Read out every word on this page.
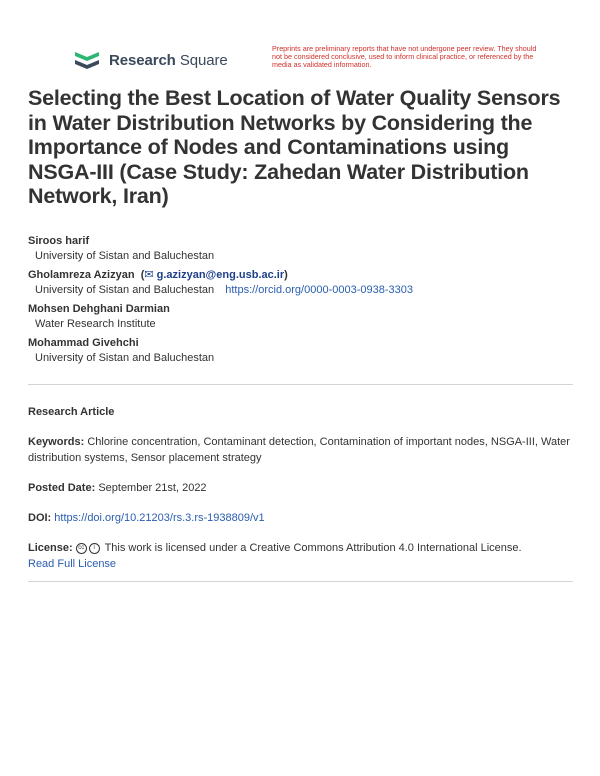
Research Square
Preprints are preliminary reports that have not undergone peer review. They should not be considered conclusive, used to inform clinical practice, or referenced by the media as validated information.
Selecting the Best Location of Water Quality Sensors in Water Distribution Networks by Considering the Importance of Nodes and Contaminations using NSGA-III (Case Study: Zahedan Water Distribution Network, Iran)
Siroos harif
University of Sistan and Baluchestan
Gholamreza Azizyan  (✉ g.azizyan@eng.usb.ac.ir)
University of Sistan and Baluchestan https://orcid.org/0000-0003-0938-3303
Mohsen Dehghani Darmian
Water Research Institute
Mohammad Givehchi
University of Sistan and Baluchestan
Research Article
Keywords: Chlorine concentration, Contaminant detection, Contamination of important nodes, NSGA-III, Water distribution systems, Sensor placement strategy
Posted Date: September 21st, 2022
DOI: https://doi.org/10.21203/rs.3.rs-1938809/v1
License: cc i This work is licensed under a Creative Commons Attribution 4.0 International License.
Read Full License
